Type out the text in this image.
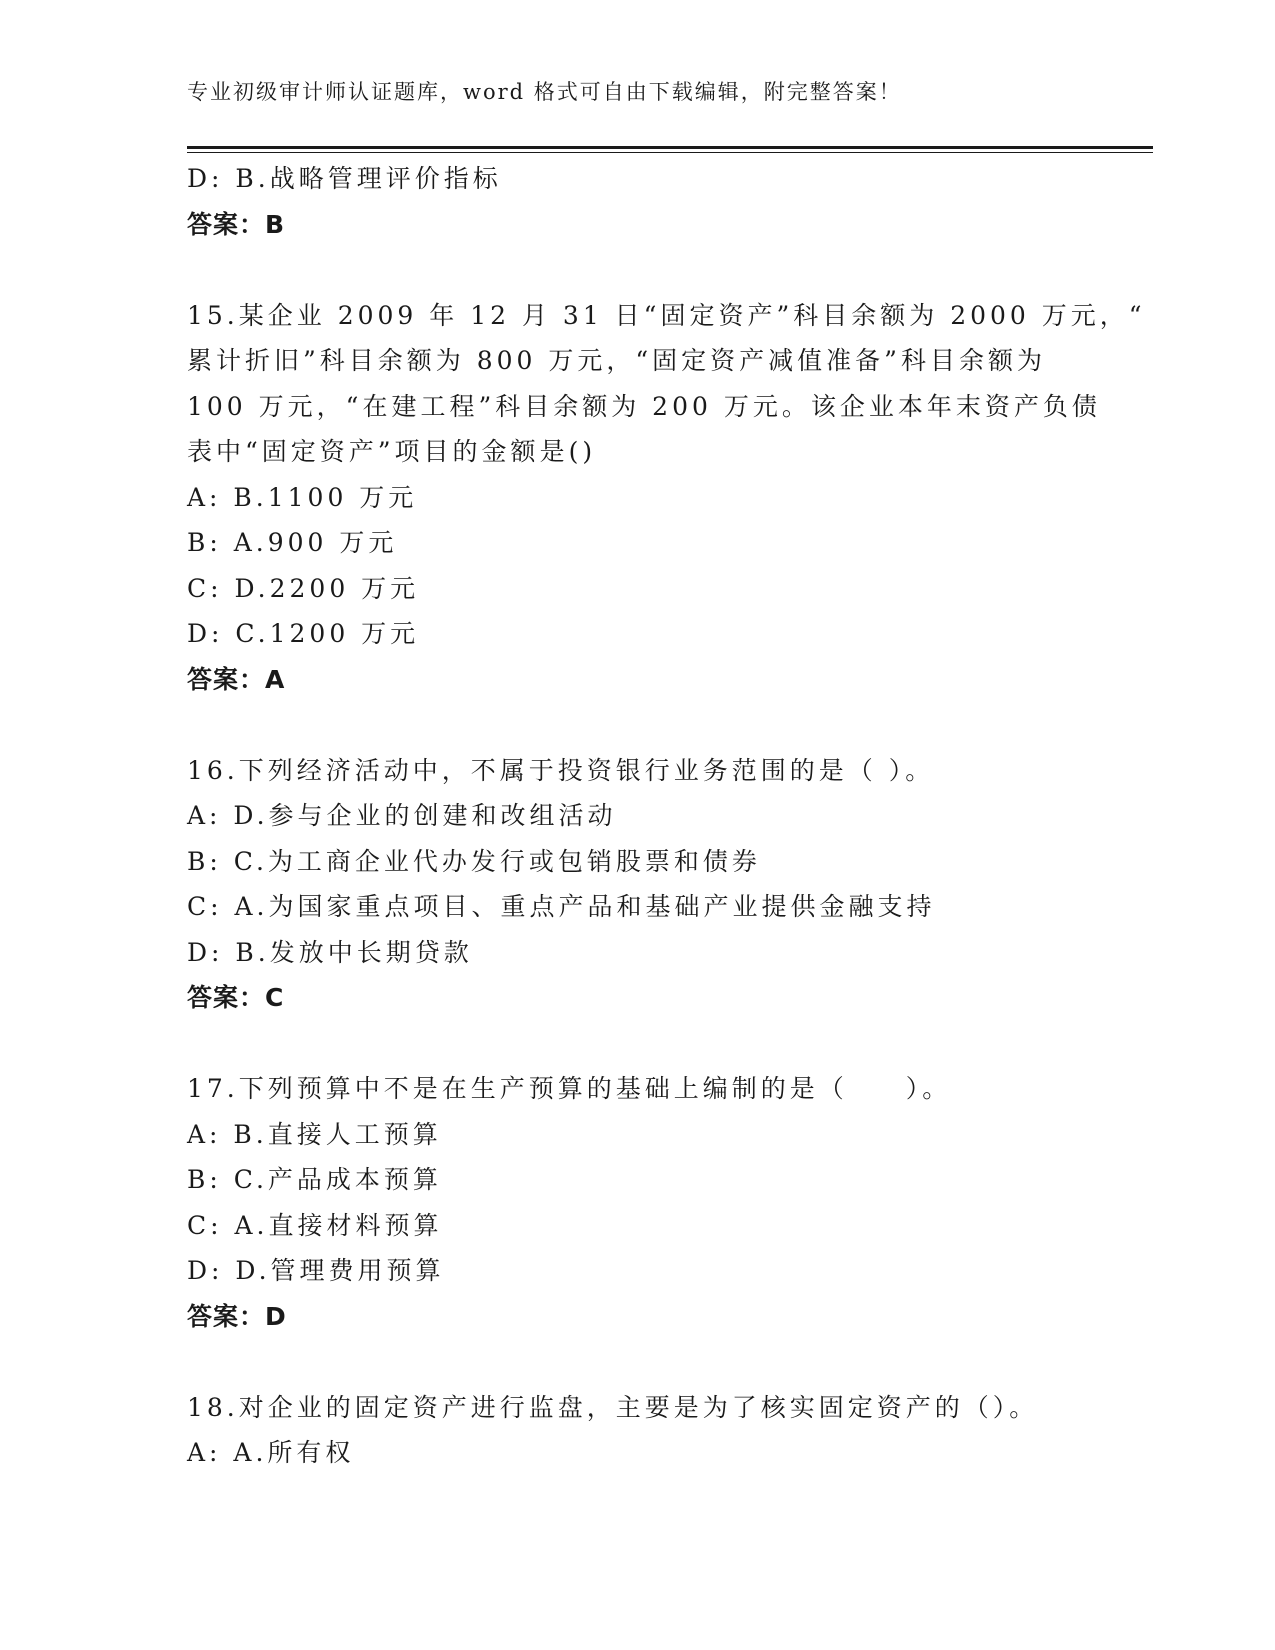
专业初级审计师认证题库，word 格式可自由下载编辑，附完整答案！
D: B.战略管理评价指标
答案：B
15.某企业 2009 年 12 月 31 日“固定资产”科目余额为 2000 万元，“
累计折旧”科目余额为 800 万元，“固定资产减值准备”科目余额为
100 万元，“在建工程”科目余额为 200 万元。该企业本年末资产负债
表中“固定资产”项目的金额是()
A: B.1100 万元
B: A.900 万元
C: D.2200 万元
D: C.1200 万元
答案：A
16.下列经济活动中，不属于投资银行业务范围的是（ ）。
A: D.参与企业的创建和改组活动
B: C.为工商企业代办发行或包销股票和债券
C: A.为国家重点项目、重点产品和基础产业提供金融支持
D: B.发放中长期贷款
答案：C
17.下列预算中不是在生产预算的基础上编制的是（　　）。
A: B.直接人工预算
B: C.产品成本预算
C: A.直接材料预算
D: D.管理费用预算
答案：D
18.对企业的固定资产进行监盘，主要是为了核实固定资产的（）。
A: A.所有权
